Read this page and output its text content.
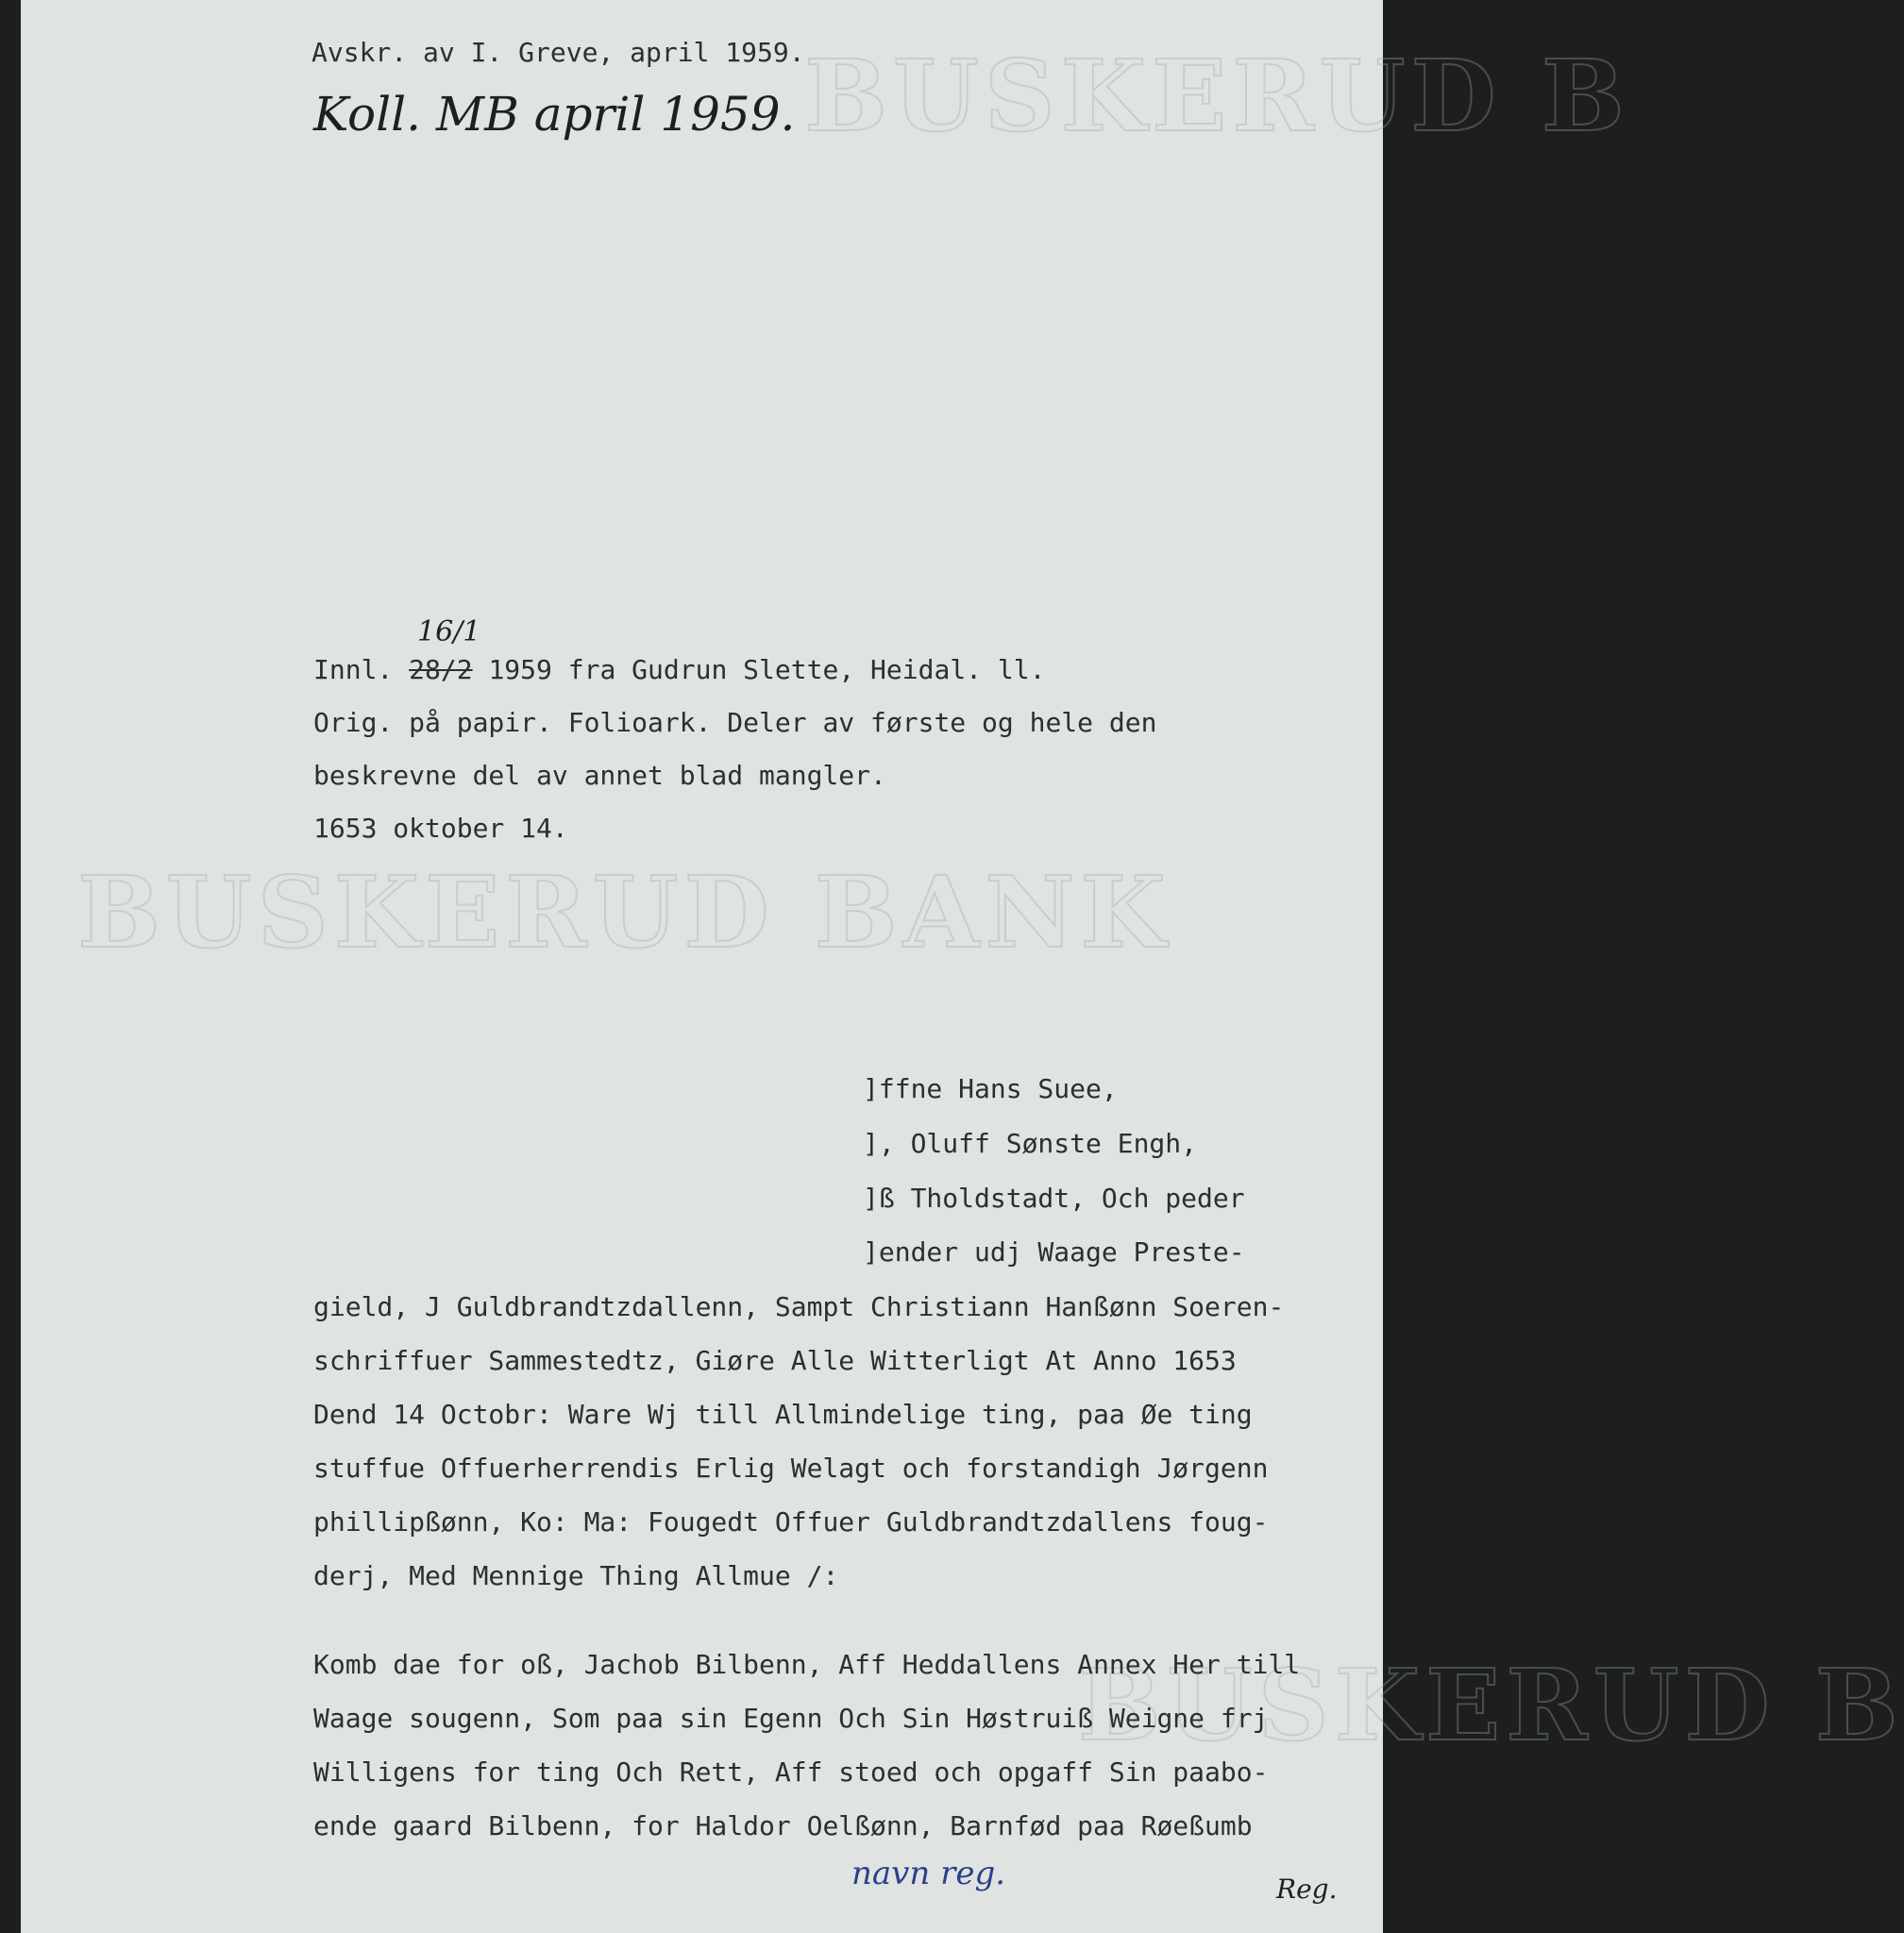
BUSKERUD B
BUSKERUD BANK
BUSKERUD B
Avskr. av I. Greve, april 1959.
Koll. MB april 1959.
Innl. 28/2 1959 fra Gudrun Slette, Heidal. ll.
16/1
Orig. på papir. Folioark. Deler av første og hele den
beskrevne del av annet blad mangler.
1653 oktober 14.
]ffne Hans Suee,
], Oluff Sønste Engh,
]ß Tholdstadt, Och peder
]ender udj Waage Preste-
gield, J Guldbrandtzdallenn, Sampt Christiann Hanßønn Soeren-
schriffuer Sammestedtz, Giøre Alle Witterligt At Anno 1653
Dend 14 Octobr: Ware Wj till Allmindelige ting, paa Øe ting
stuffue Offuerherrendis Erlig Welagt och forstandigh Jørgenn
phillipßønn, Ko: Ma: Fougedt Offuer Guldbrandtzdallens foug-
derj, Med Mennige Thing Allmue /:
Komb dae for oß, Jachob Bilbenn, Aff Heddallens Annex Her till
Waage sougenn, Som paa sin Egenn Och Sin Høstruiß Weigne frj
Willigens for ting Och Rett, Aff stoed och opgaff Sin paabo-
ende gaard Bilbenn, for Haldor Oelßønn, Barnfød paa Røeßumb
navn reg.	Reg.
